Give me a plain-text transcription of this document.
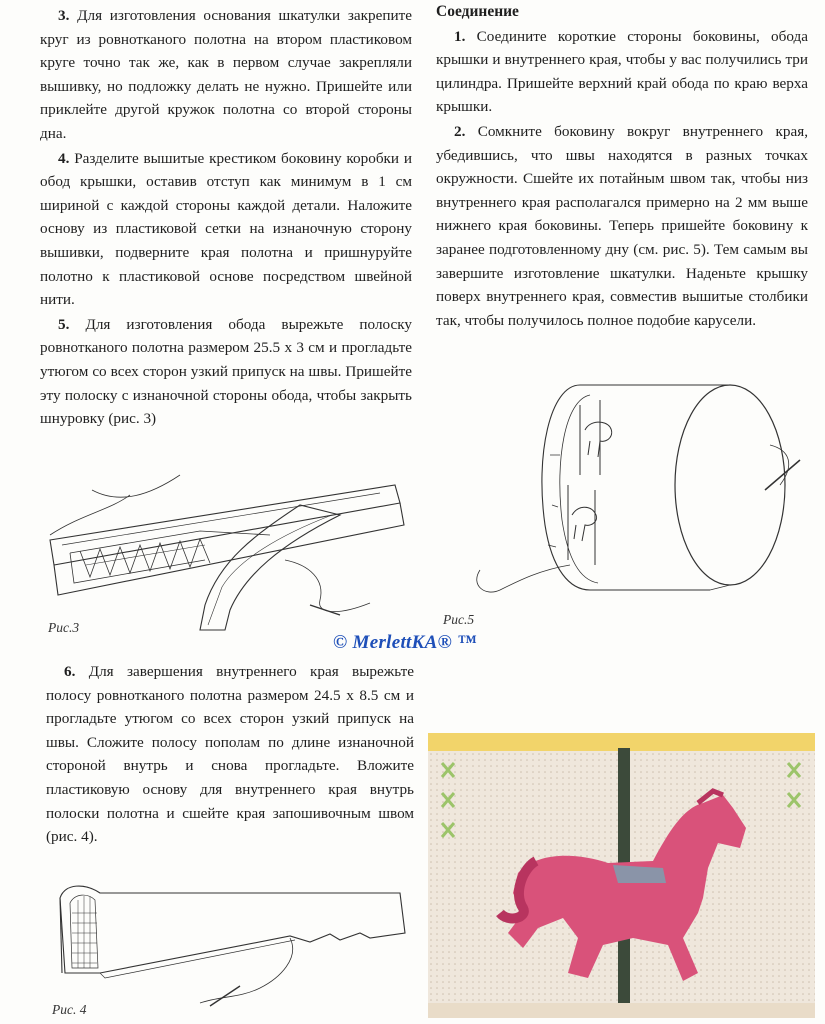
3. Для изготовления основания шкатулки закрепите круг из ровнотканого полотна на втором пластиковом круге точно так же, как в первом случае закрепляли вышивку, но подложку делать не нужно. Пришейте или приклейте другой кружок полотна со второй стороны дна.

4. Разделите вышитые крестиком боковину коробки и обод крышки, оставив отступ как минимум в 1 см шириной с каждой стороны каждой детали. Наложите основу из пластиковой сетки на изнаночную сторону вышивки, подверните края полотна и пришнуруйте полотно к пластиковой основе посредством швейной нити.

5. Для изготовления обода вырежьте полоску ровнотканого полотна размером 25.5 х 3 см и прогладьте утюгом со всех сторон узкий припуск на швы. Пришейте эту полоску с изнаночной стороны обода, чтобы закрыть шнуровку (рис. 3)

Рис.3
© MerlettKA® ™

6. Для завершения внутреннего края вырежьте полосу ровнотканого полотна размером 24.5 х 8.5 см и прогладьте утюгом со всех сторон узкий припуск на швы. Сложите полосу пополам по длине изнаночной стороной внутрь и снова прогладьте. Вложите пластиковую основу для внутреннего края внутрь полоски полотна и сшейте края запошивочным швом (рис. 4).

Рис. 4

Соединение

1. Соедините короткие стороны боковины, обода крышки и внутреннего края, чтобы у вас получились три цилиндра. Пришейте верхний край обода по краю верха крышки.

2. Сомкните боковину вокруг внутреннего края, убедившись, что швы находятся в разных точках окружности. Сшейте их потайным швом так, чтобы низ внутреннего края располагался примерно на 2 мм выше нижнего края боковины. Теперь пришейте боковину к заранее подготовленному дну (см. рис. 5). Тем самым вы завершите изготовление шкатулки. Наденьте крышку поверх внутреннего края, совместив вышитые столбики так, чтобы получилось полное подобие карусели.

Рис.5
